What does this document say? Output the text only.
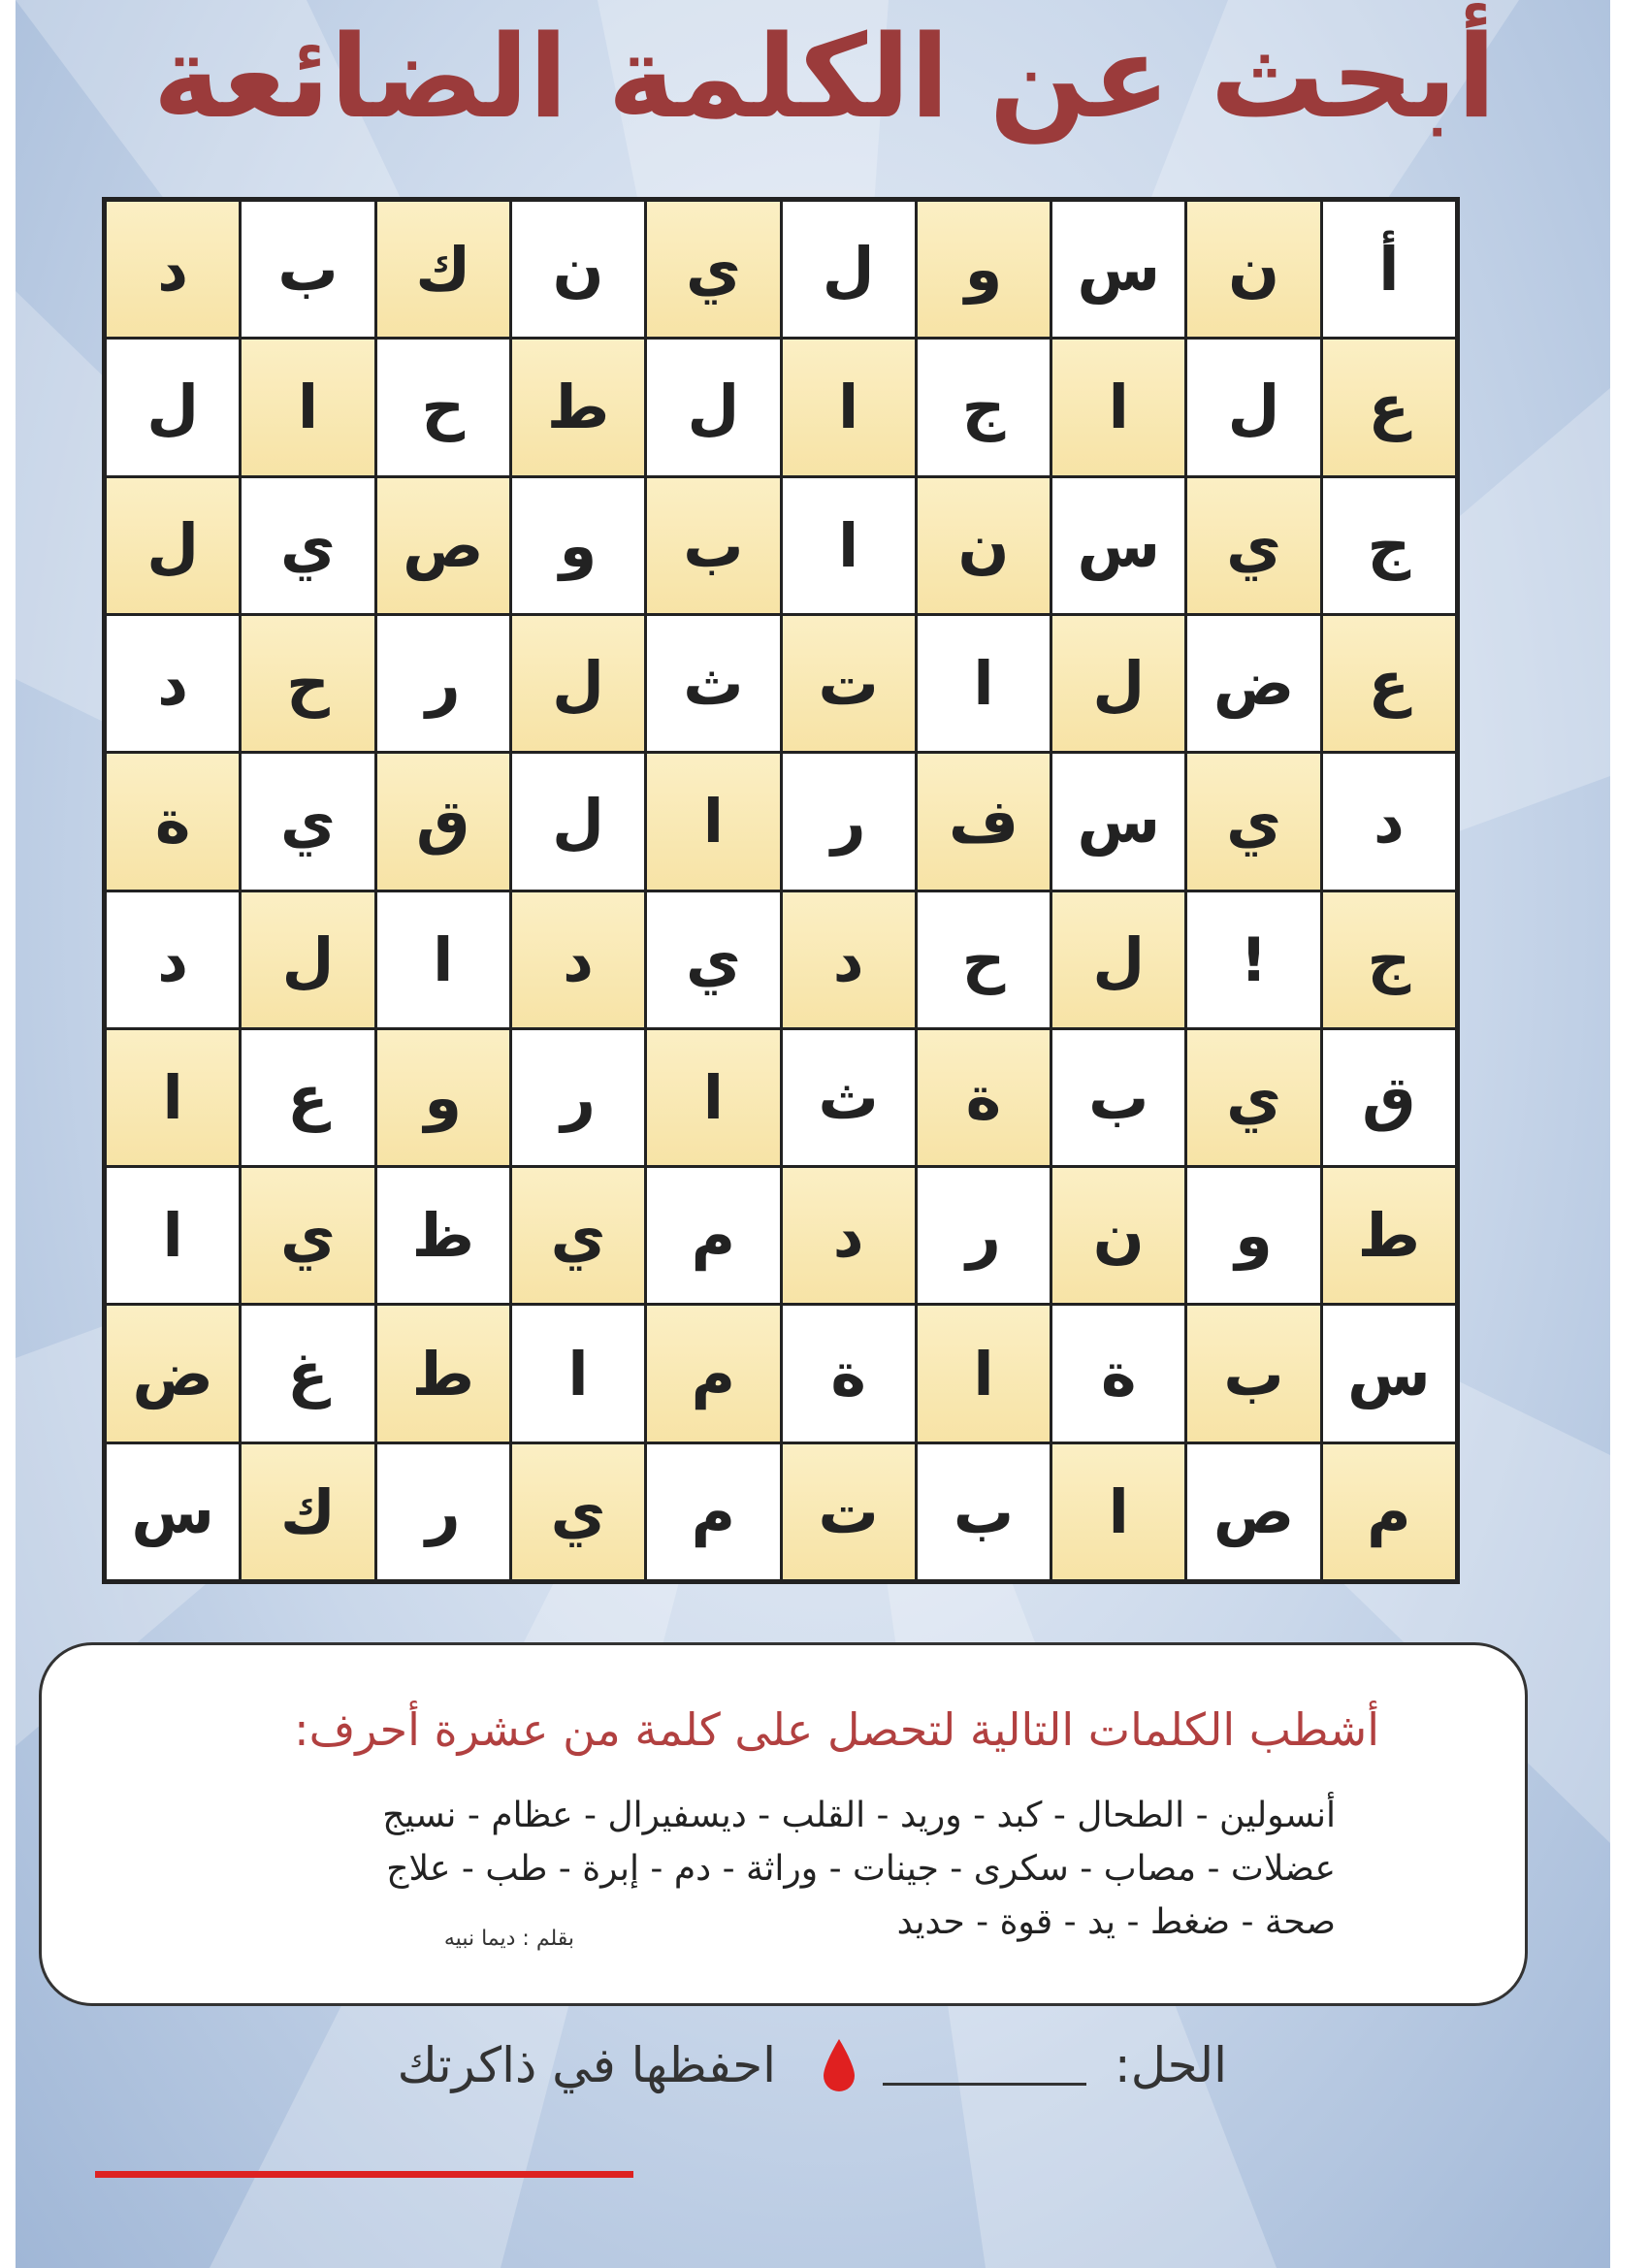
أبحث عن الكلمة الضائعة
أ
ن
س
و
ل
ي
ن
ك
ب
د
ع
ل
ا
ج
ا
ل
ط
ح
ا
ل
ج
ي
س
ن
ا
ب
و
ص
ي
ل
ع
ض
ل
ا
ت
ث
ل
ر
ح
د
د
ي
س
ف
ر
ا
ل
ق
ي
ة
ج
!
ل
ح
د
ي
د
ا
ل
د
ق
ي
ب
ة
ث
ا
ر
و
ع
ا
ط
و
ن
ر
د
م
ي
ظ
ي
ا
س
ب
ة
ا
ة
م
ا
ط
غ
ض
م
ص
ا
ب
ت
م
ي
ر
ك
س
أشطب الكلمات التالية لتحصل على كلمة من عشرة أحرف:
أنسولين - الطحال - كبد - وريد - القلب - ديسفيرال - عظام - نسيج
عضلات - مصاب - سكرى - جينات - وراثة - دم - إبرة - طب - علاج
صحة - ضغط - يد - قوة - حديد
بقلم : ديما نبيه
الحل:
احفظها في ذاكرتك
